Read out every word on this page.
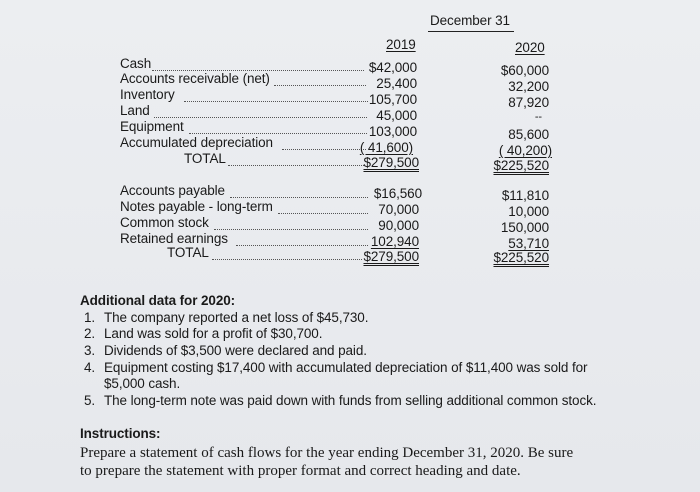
December 31
2019	2020
Cash	$42,000	$60,000
Accounts receivable (net)	25,400	32,200
Inventory	105,700	87,920
Land	45,000	--
Equipment	103,000	85,600
Accumulated depreciation	( 41,600)	( 40,200)
TOTAL	$279,500	$225,520
Accounts payable	$16,560	$11,810
Notes payable - long-term	70,000	10,000
Common stock	90,000	150,000
Retained earnings	102,940	53,710
TOTAL	$279,500	$225,520
Additional data for 2020:
1. The company reported a net loss of $45,730.
2. Land was sold for a profit of $30,700.
3. Dividends of $3,500 were declared and paid.
4. Equipment costing $17,400 with accumulated depreciation of $11,400 was sold for
$5,000 cash.
5. The long-term note was paid down with funds from selling additional common stock.
Instructions:
Prepare a statement of cash flows for the year ending December 31, 2020. Be sure
to prepare the statement with proper format and correct heading and date.
